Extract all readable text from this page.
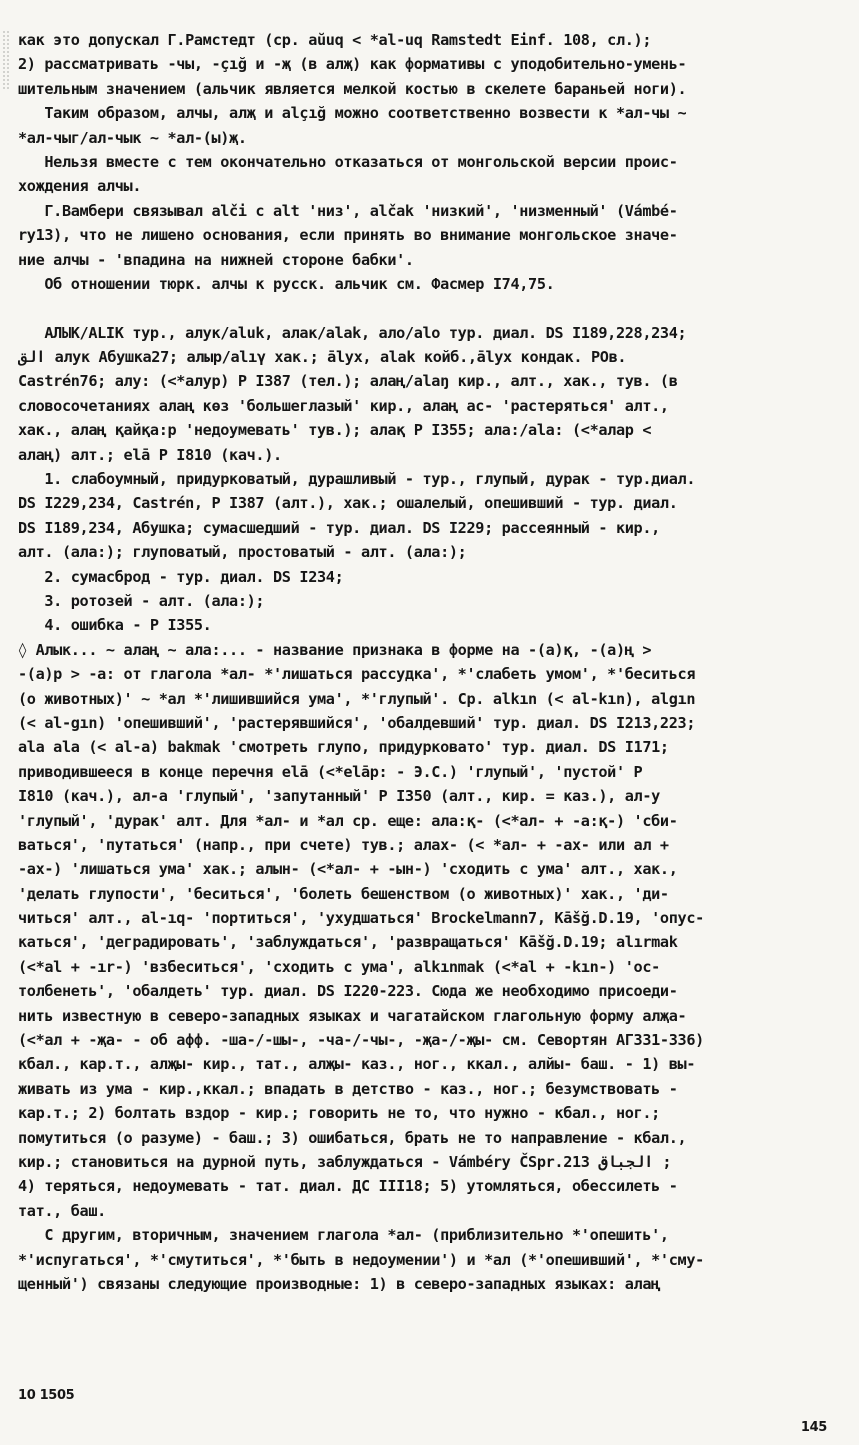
как это допускал Г.Рамстедт (ср. aŭuq < *al-uq Ramstedt Einf. 108, сл.);
2) рассматривать -чы, -çığ и -җ (в алҗ) как формативы с уподобительно-умень-
шительным значением (альчик является мелкой костью в скелете бараньей ноги).
Таким образом, алчы, алҗ и alçığ можно соответственно возвести к *ал-чы ~
*ал-чыг/ал-чык ~ *ал-(ы)җ.
Нельзя вместе с тем окончательно отказаться от монгольской версии проис-
хождения алчы.
Г.Вамбери связывал alči с alt 'низ', alčak 'низкий', 'низменный' (Vámbé-
ry13), что не лишено основания, если принять во внимание монгольское значе-
ние алчы - 'впадина на нижней стороне бабки'.
Об отношении тюрк. алчы к русск. альчик см. Фасмер I74,75.
АЛЫК/ALIK тур., алук/aluk, алак/alak, ало/alo тур. диал. DS I189,228,234;
الق алук Абушка27; алыр/alıγ хак.; ālyx, alak койб.,ālyx кондак. РОв.
Castrén76; алу: (<*алур) Р I387 (тел.); алаң/alaŋ кир., алт., хак., тув. (в
словосочетаниях алаң көз 'большеглазый' кир., алаң ас- 'растеряться' алт.,
хак., алаң қайқа:р 'недоумевать' тув.); алақ Р I355; ала:/ala: (<*алар <
алаң) алт.; elā Р I810 (кач.).
1. слабоумный, придурковатый, дурашливый - тур., глупый, дурак - тур.диал.
DS I229,234, Castrén, Р I387 (алт.), хак.; ошалелый, опешивший - тур. диал.
DS I189,234, Абушка; сумасшедший - тур. диал. DS I229; рассеянный - кир.,
алт. (ала:); глуповатый, простоватый - алт. (ала:);
2. сумасброд - тур. диал. DS I234;
3. ротозей - алт. (ала:);
4. ошибка - Р I355.
◊ Алык... ~ алаң ~ ала:... - название признака в форме на -(а)қ, -(а)ң >
-(а)р > -а: от глагола *ал- *'лишаться рассудка', *'слабеть умом', *'беситься
(о животных)' ~ *ал *'лишившийся ума', *'глупый'. Ср. alkın (< al-kın), algın
(< al-gın) 'опешивший', 'растерявшийся', 'обалдевший' тур. диал. DS I213,223;
ala ala (< al-a) bakmak 'смотреть глупо, придурковато' тур. диал. DS I171;
приводившееся в конце перечня elā (<*elāр: - Э.С.) 'глупый', 'пустой' Р
I810 (кач.), ал-а 'глупый', 'запутанный' Р I350 (алт., кир. = каз.), ал-у
'глупый', 'дурак' алт. Для *ал- и *ал ср. еще: ала:қ- (<*ал- + -а:қ-) 'сби-
ваться', 'путаться' (напр., при счете) тув.; алах- (< *ал- + -ах- или ал +
-ах-) 'лишаться ума' хак.; алын- (<*ал- + -ын-) 'сходить с ума' алт., хак.,
'делать глупости', 'беситься', 'болеть бешенством (о животных)' хак., 'ди-
читься' алт., al-ıq- 'портиться', 'ухудшаться' Brockelmann7, Kāšğ.D.19, 'опус-
каться', 'деградировать', 'заблуждаться', 'развращаться' Kāšğ.D.19; alırmak
(<*al + -ır-) 'взбеситься', 'сходить с ума', alkınmak (<*al + -kın-) 'ос-
толбенеть', 'обалдеть' тур. диал. DS I220-223. Сюда же необходимо присоеди-
нить известную в северо-западных языках и чагатайском глагольную форму алҗа-
(<*ал + -җа- - об афф. -ша-/-шы-, -ча-/-чы-, -җа-/-җы- см. Севортян АГ331-336)
кбал., кар.т., алҗы- кир., тат., алҗы- каз., ног., ккал., алйы- баш. - 1) вы-
живать из ума - кир.,ккал.; впадать в детство - каз., ног.; безумствовать -
кар.т.; 2) болтать вздор - кир.; говорить не то, что нужно - кбал., ног.;
помутиться (о разуме) - баш.; 3) ошибаться, брать не то направление - кбал.,
кир.; становиться на дурной путь, заблуждаться - Vámbéry ČSpr.213 الجباق ;
4) теряться, недоумевать - тат. диал. ДС III18; 5) утомляться, обессилеть -
тат., баш.
С другим, вторичным, значением глагола *ал- (приблизительно *'опешить',
*'испугаться', *'смутиться', *'быть в недоумении') и *ал (*'опешивший', *'сму-
щенный') связаны следующие производные: 1) в северо-западных языках: алаң
10 1505
145
